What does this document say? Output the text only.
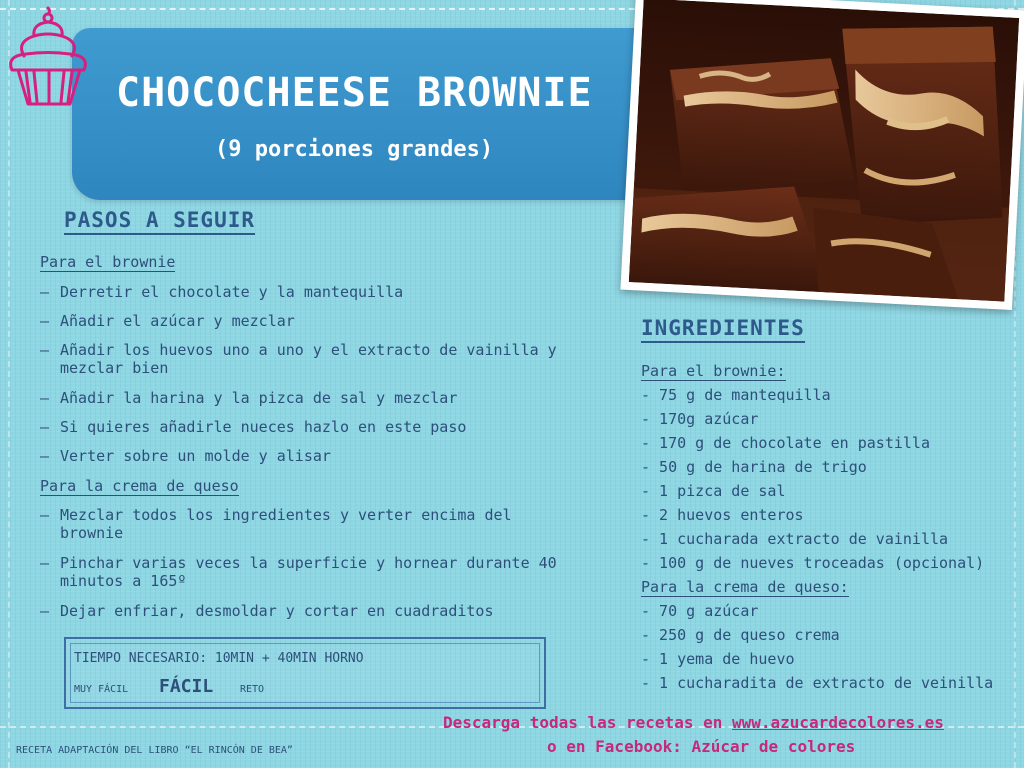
CHOCOCHEESE BROWNIE
(9 porciones grandes)
PASOS A SEGUIR
Para el brownie
— Derretir el chocolate y la mantequilla
— Añadir el azúcar y mezclar
— Añadir los huevos uno a uno y el extracto de vainilla y mezclar bien
— Añadir la harina y la pizca de sal y mezclar
— Si quieres añadirle nueces hazlo en este paso
— Verter sobre un molde y alisar
Para la crema de queso
— Mezclar todos los ingredientes y verter encima del brownie
— Pinchar varias veces la superficie y hornear durante 40 minutos a 165º
— Dejar enfriar, desmoldar y cortar en cuadraditos
TIEMPO NECESARIO: 10MIN + 40MIN HORNO
MUY FÁCIL FÁCIL	RETO
INGREDIENTES
Para el brownie:
- 75 g de mantequilla
- 170g azúcar
- 170 g de chocolate en pastilla
- 50 g de harina de trigo
- 1 pizca de sal
- 2 huevos enteros
- 1 cucharada extracto de vainilla
- 100 g de nueves troceadas (opcional)
Para la crema de queso:
- 70 g azúcar
- 250 g de queso crema
- 1 yema de huevo
- 1 cucharadita de extracto de veinilla
Descarga todas las recetas en www.azucardecolores.es
o en Facebook: Azúcar de colores
RECETA ADAPTACIÓN DEL LIBRO “EL RINCÓN DE BEA”
